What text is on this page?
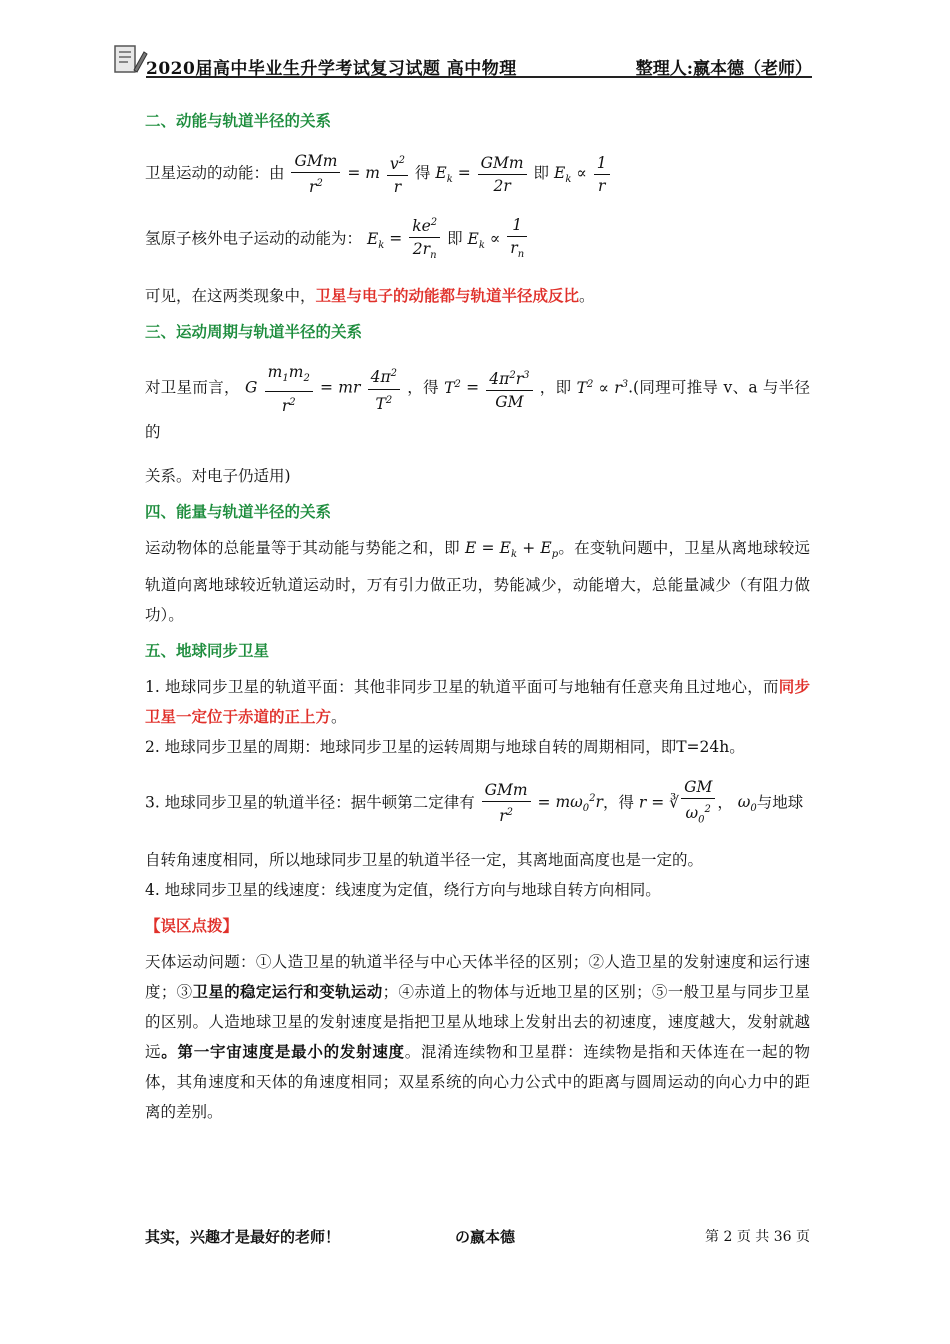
2020届高中毕业生升学考试复习试题 高中物理	整理人:嬴本德（老师）
二、动能与轨道半径的关系
卫星运动的动能：由 $\frac{\text{GMm}}{r^2} = m \frac{v^2}{r}$ 得 $E_k = \frac{\text{GMm}}{2r}$ 即 $E_k \propto \frac{1}{r}$
氢原子核外电子运动的动能为： $E_k = \frac{ke^2}{2r_n}$ 即 $E_k \propto \frac{1}{r_n}$

可见，在这两类现象中，卫星与电子的动能都与轨道半径成反比。

三、运动周期与轨道半径的关系
对卫星而言， G $\frac{m_1m_2}{r^2}$ = mr $\frac{4\pi^2}{T^2}$ ，得 $T^2 = \frac{4\pi^2r^3}{GM}$ ，即 $T^2 \propto r^3$.(同理可推导 v、a 与半径的

关系。对电子仍适用)

四、能量与轨道半径的关系

运动物体的总能量等于其动能与势能之和，即 $E = E_k + E_p$。在变轨问题中，卫星从离地球较远轨道向离地球较近轨道运动时，万有引力做正功，势能减少，动能增大，总能量减少（有阻力做功）。

五、地球同步卫星

1. 地球同步卫星的轨道平面：其他非同步卫星的轨道平面可与地轴有任意夹角且过地心，而同步卫星一定位于赤道的正上方。

2. 地球同步卫星的周期：地球同步卫星的运转周期与地球自转的周期相同，即T=24h。

3. 地球同步卫星的轨道半径：据牛顿第二定律有 $\frac{\text{GMm}}{r^2} = m\omega_0^2r$，得 r = ∛ $\frac{GM}{\omega_0^2}$ ， $\omega_0$与地球

自转角速度相同，所以地球同步卫星的轨道半径一定，其离地面高度也是一定的。

4. 地球同步卫星的线速度：线速度为定值，绕行方向与地球自转方向相同。

【误区点拨】

天体运动问题：①人造卫星的轨道半径与中心天体半径的区别；②人造卫星的发射速度和运行速度；③卫星的稳定运行和变轨运动；④赤道上的物体与近地卫星的区别；⑤一般卫星与同步卫星的区别。人造地球卫星的发射速度是指把卫星从地球上发射出去的初速度，速度越大，发射就越远。第一宇宙速度是最小的发射速度。混淆连续物和卫星群：连续物是指和天体连在一起的物体，其角速度和天体的角速度相同；双星系统的向心力公式中的距离与圆周运动的向心力中的距离的差别。

其实，兴趣才是最好的老师！	の嬴本德	第 2 页 共 36 页
